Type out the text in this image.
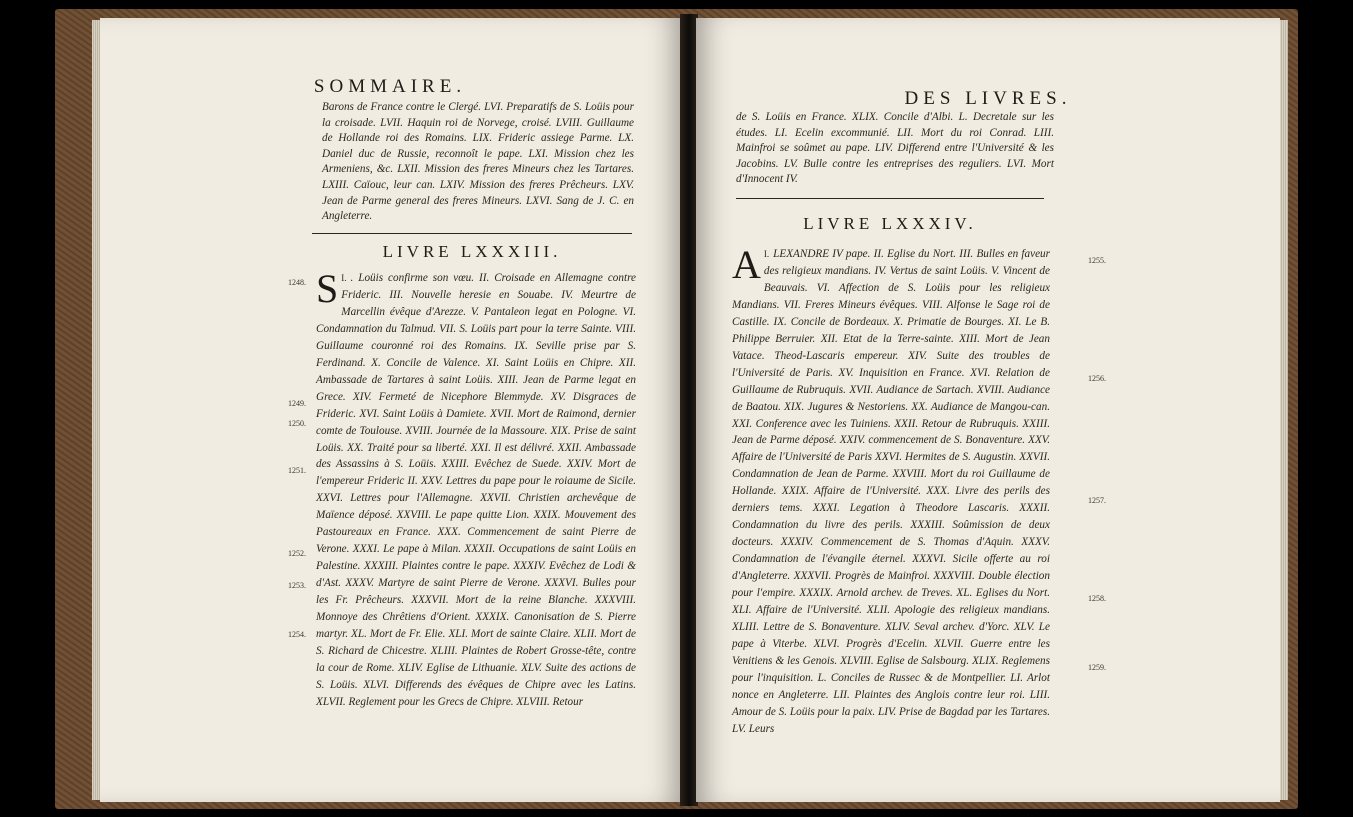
SOMMAIRE.

Barons de France contre le Clergé. LVI. Preparatifs de S. Loüis pour la croisade. LVII. Haquin roi de Norvege, croisé. LVIII. Guillaume de Hollande roi des Romains. LIX. Frideric assiege Parme. LX. Daniel duc de Russie, reconnoît le pape. LXI. Mission chez les Armeniens, &c. LXII. Mission des freres Mineurs chez les Tartares. LXIII. Caïouc, leur can. LXIV. Mission des freres Prêcheurs. LXV. Jean de Parme general des freres Mineurs. LXVI. Sang de J. C. en Angleterre.

LIVRE LXXXIII.

I.
S . Loüis confirme son vœu. II. Croisade en Allemagne contre Frideric. III. Nouvelle heresie en Souabe. IV. Meurtre de Marcellin évêque d'Arezze. V. Pantaleon legat en Pologne. VI. Condamnation du Talmud. VII. S. Loüis part pour la terre Sainte. VIII. Guillaume couronné roi des Romains. IX. Seville prise par S. Ferdinand. X. Concile de Valence. XI. Saint Loüis en Chipre. XII. Ambassade de Tartares à saint Loüis. XIII. Jean de Parme legat en Grece. XIV. Fermeté de Nicephore Blemmyde. XV. Disgraces de Frideric. XVI. Saint Loüis à Damiete. XVII. Mort de Raimond, dernier comte de Toulouse. XVIII. Journée de la Massoure. XIX. Prise de saint Loüis. XX. Traité pour sa liberté. XXI. Il est délivré. XXII. Ambassade des Assassins à S. Loüis. XXIII. Evêchez de Suede. XXIV. Mort de l'empereur Frideric II. XXV. Lettres du pape pour le roiaume de Sicile. XXVI. Lettres pour l'Allemagne. XXVII. Christien archevêque de Maïence déposé. XXVIII. Le pape quitte Lion. XXIX. Mouvement des Pastoureaux en France. XXX. Commencement de saint Pierre de Verone. XXXI. Le pape à Milan. XXXII. Occupations de saint Loüis en Palestine. XXXIII. Plaintes contre le pape. XXXIV. Evêchez de Lodi & d'Ast. XXXV. Martyre de saint Pierre de Verone. XXXVI. Bulles pour les Fr. Prêcheurs. XXXVII. Mort de la reine Blanche. XXXVIII. Monnoye des Chrêtiens d'Orient. XXXIX. Canonisation de S. Pierre martyr. XL. Mort de Fr. Elie. XLI. Mort de sainte Claire. XLII. Mort de S. Richard de Chicestre. XLIII. Plaintes de Robert Grosse-tête, contre la cour de Rome. XLIV. Eglise de Lithuanie. XLV. Suite des actions de S. Loüis. XLVI. Differends des évêques de Chipre avec les Latins. XLVII. Reglement pour les Grecs de Chipre. XLVIII. Retour

1248.
1249.
1250.
1251.
1252.
1253.
1254.
DES LIVRES.

de S. Loüis en France. XLIX. Concile d'Albi. L. Decretale sur les études. LI. Ecelin excommunié. LII. Mort du roi Conrad. LIII. Mainfroi se soûmet au pape. LIV. Differend entre l'Université & les Jacobins. LV. Bulle contre les entreprises des reguliers. LVI. Mort d'Innocent IV.

LIVRE LXXXIV.

I.
A LEXANDRE IV pape. II. Eglise du Nort. III. Bulles en faveur des religieux mandians. IV. Vertus de saint Loüis. V. Vincent de Beauvais. VI. Affection de S. Loüis pour les religieux Mandians. VII. Freres Mineurs évêques. VIII. Alfonse le Sage roi de Castille. IX. Concile de Bordeaux. X. Primatie de Bourges. XI. Le B. Philippe Berruier. XII. Etat de la Terre-sainte. XIII. Mort de Jean Vatace. Theod-Lascaris empereur. XIV. Suite des troubles de l'Université de Paris. XV. Inquisition en France. XVI. Relation de Guillaume de Rubruquis. XVII. Audiance de Sartach. XVIII. Audiance de Baatou. XIX. Jugures & Nestoriens. XX. Audiance de Mangou-can. XXI. Conference avec les Tuiniens. XXII. Retour de Rubruquis. XXIII. Jean de Parme déposé. XXIV. commencement de S. Bonaventure. XXV. Affaire de l'Université de Paris XXVI. Hermites de S. Augustin. XXVII. Condamnation de Jean de Parme. XXVIII. Mort du roi Guillaume de Hollande. XXIX. Affaire de l'Université. XXX. Livre des perils des derniers tems. XXXI. Legation à Theodore Lascaris. XXXII. Condamnation du livre des perils. XXXIII. Soûmission de deux docteurs. XXXIV. Commencement de S. Thomas d'Aquin. XXXV. Condamnation de l'évangile éternel. XXXVI. Sicile offerte au roi d'Angleterre. XXXVII. Progrès de Mainfroi. XXXVIII. Double élection pour l'empire. XXXIX. Arnold archev. de Treves. XL. Eglises du Nort. XLI. Affaire de l'Université. XLII. Apologie des religieux mandians. XLIII. Lettre de S. Bonaventure. XLIV. Seval archev. d'Yorc. XLV. Le pape à Viterbe. XLVI. Progrès d'Ecelin. XLVII. Guerre entre les Venitiens & les Genois. XLVIII. Eglise de Salsbourg. XLIX. Reglemens pour l'inquisition. L. Conciles de Russec & de Montpellier. LI. Arlot nonce en Angleterre. LII. Plaintes des Anglois contre leur roi. LIII. Amour de S. Loüis pour la paix. LIV. Prise de Bagdad par les Tartares. LV. Leurs

1255.
1256.
1257.
1258.
1259.
